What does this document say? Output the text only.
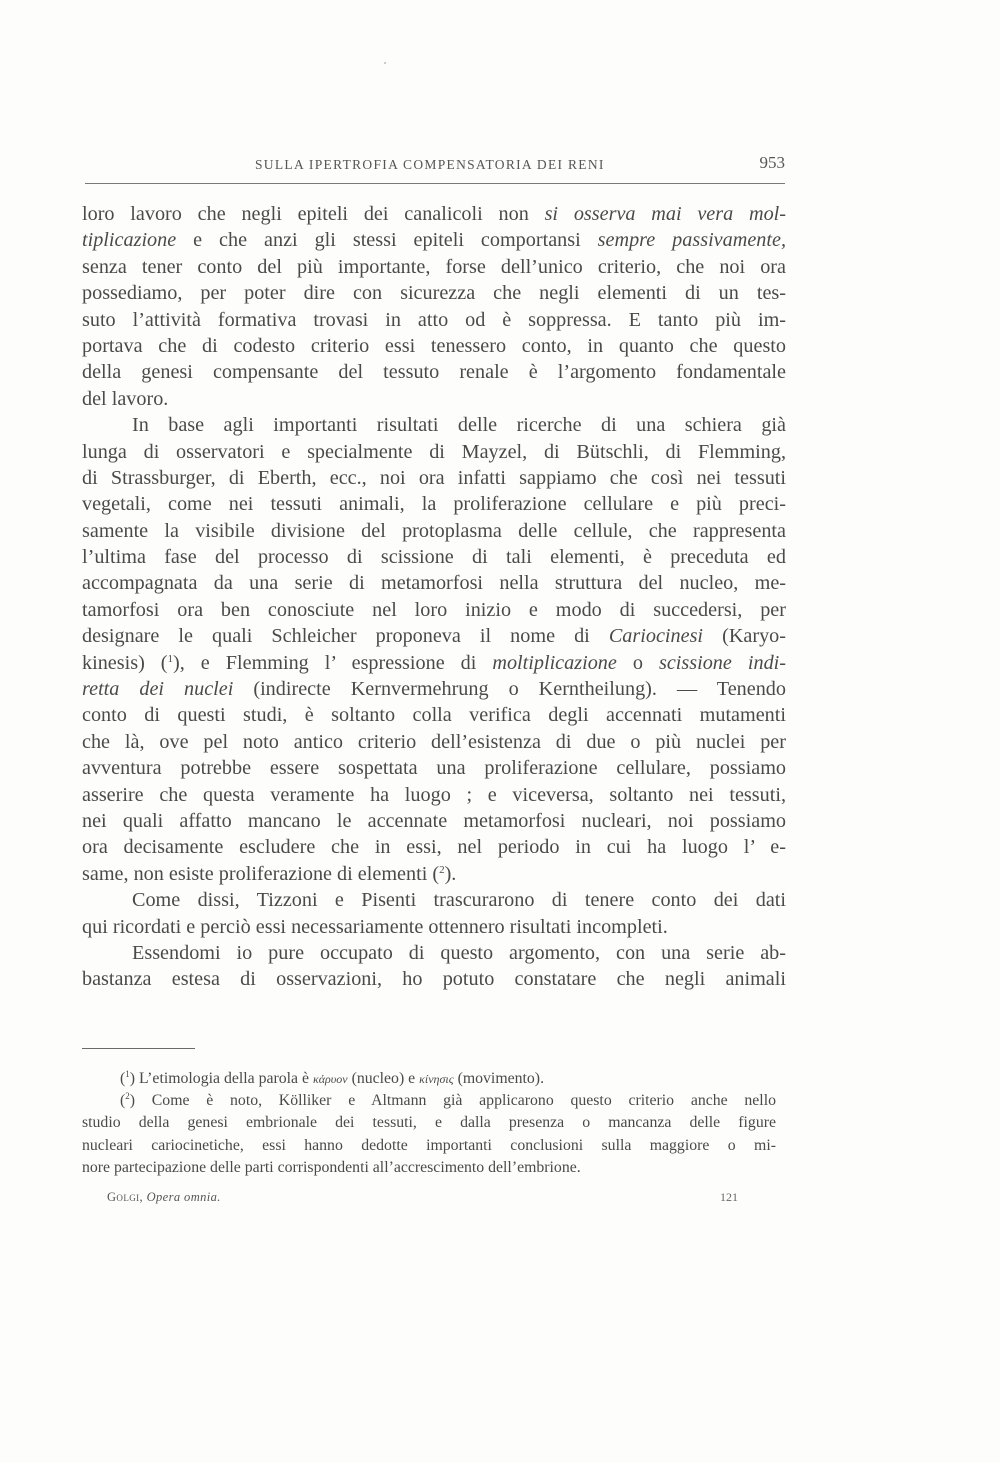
SULLA IPERTROFIA COMPENSATORIA DEI RENI	953
loro lavoro che negli epiteli dei canalicoli non si osserva mai vera mol-
tiplicazione e che anzi gli stessi epiteli comportansi sempre passivamente,
senza tener conto del più importante, forse dell’unico criterio, che noi ora
possediamo, per poter dire con sicurezza che negli elementi di un tes-
suto l’attività formativa trovasi in atto od è soppressa. E tanto più im-
portava che di codesto criterio essi tenessero conto, in quanto che questo
della genesi compensante del tessuto renale è l’argomento fondamentale
del lavoro.
In base agli importanti risultati delle ricerche di una schiera già
lunga di osservatori e specialmente di Mayzel, di Bütschli, di Flemming,
di Strassburger, di Eberth, ecc., noi ora infatti sappiamo che così nei tessuti
vegetali, come nei tessuti animali, la proliferazione cellulare e più preci-
samente la visibile divisione del protoplasma delle cellule, che rappresenta
l’ultima fase del processo di scissione di tali elementi, è preceduta ed
accompagnata da una serie di metamorfosi nella struttura del nucleo, me-
tamorfosi ora ben conosciute nel loro inizio e modo di succedersi, per
designare le quali Schleicher proponeva il nome di Cariocinesi (Karyo-
kinesis) ($^1$), e Flemming l’ espressione di moltiplicazione o scissione indi-
retta dei nuclei (indirecte Kernvermehrung o Kerntheilung). — Tenendo
conto di questi studi, è soltanto colla verifica degli accennati mutamenti
che là, ove pel noto antico criterio dell’esistenza di due o più nuclei per
avventura potrebbe essere sospettata una proliferazione cellulare, possiamo
asserire che questa veramente ha luogo ; e viceversa, soltanto nei tessuti,
nei quali affatto mancano le accennate metamorfosi nucleari, noi possiamo
ora decisamente escludere che in essi, nel periodo in cui ha luogo l’ e-
same, non esiste proliferazione di elementi ($^2$).
Come dissi, Tizzoni e Pisenti trascurarono di tenere conto dei dati
qui ricordati e perciò essi necessariamente ottennero risultati incompleti.
Essendomi io pure occupato di questo argomento, con una serie ab-
bastanza estesa di osservazioni, ho potuto constatare che negli animali
($^1$) L’etimologia della parola è κάρυον (nucleo) e κίνησις (movimento).
($^2$) Come è noto, Kölliker e Altmann già applicarono questo criterio anche nello
studio della genesi embrionale dei tessuti, e dalla presenza o mancanza delle figure
nucleari cariocinetiche, essi hanno dedotte importanti conclusioni sulla maggiore o mi-
nore partecipazione delle parti corrispondenti all’accrescimento dell’embrione.
Golgi, Opera omnia.	121
